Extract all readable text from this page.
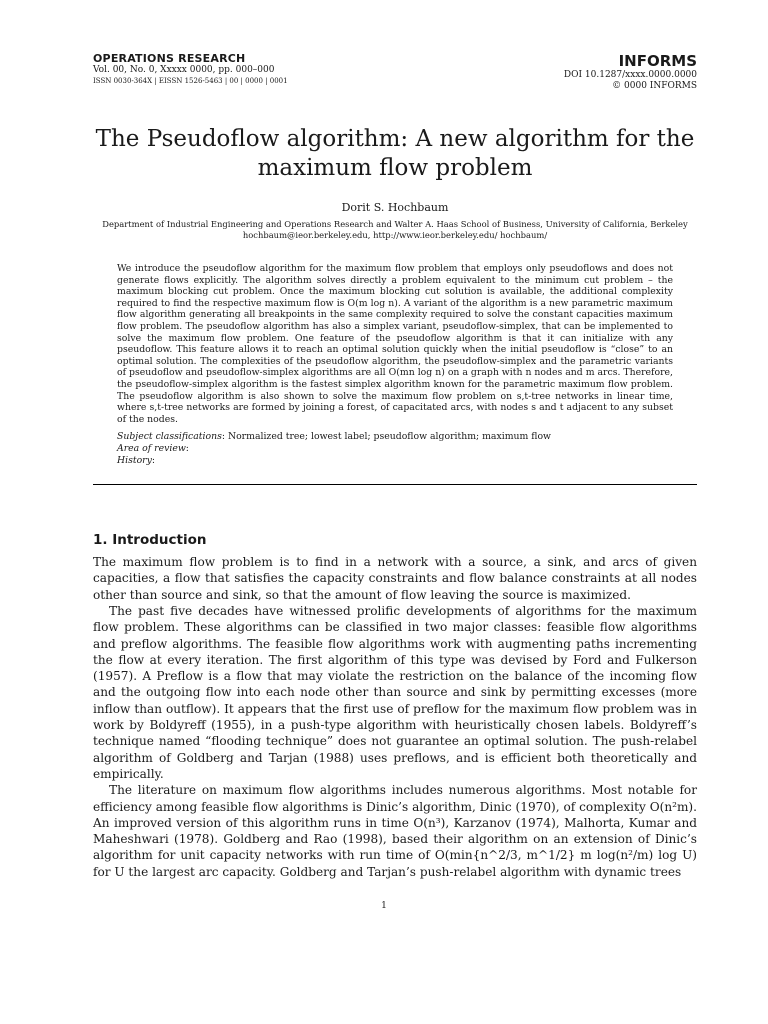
OPERATIONS RESEARCH
Vol. 00, No. 0, Xxxxx 0000, pp. 000–000
ISSN 0030-364X | EISSN 1526-5463 | 00 | 0000 | 0001
INFORMS
DOI 10.1287/xxxx.0000.0000
© 0000 INFORMS
The Pseudoflow algorithm: A new algorithm for the maximum flow problem
Dorit S. Hochbaum
Department of Industrial Engineering and Operations Research and Walter A. Haas School of Business, University of California, Berkeley hochbaum@ieor.berkeley.edu, http://www.ieor.berkeley.edu/ hochbaum/
We introduce the pseudoflow algorithm for the maximum flow problem that employs only pseudoflows and does not generate flows explicitly. The algorithm solves directly a problem equivalent to the minimum cut problem – the maximum blocking cut problem. Once the maximum blocking cut solution is available, the additional complexity required to find the respective maximum flow is O(m log n). A variant of the algorithm is a new parametric maximum flow algorithm generating all breakpoints in the same complexity required to solve the constant capacities maximum flow problem. The pseudoflow algorithm has also a simplex variant, pseudoflow-simplex, that can be implemented to solve the maximum flow problem. One feature of the pseudoflow algorithm is that it can initialize with any pseudoflow. This feature allows it to reach an optimal solution quickly when the initial pseudoflow is “close” to an optimal solution. The complexities of the pseudoflow algorithm, the pseudoflow-simplex and the parametric variants of pseudoflow and pseudoflow-simplex algorithms are all O(mn log n) on a graph with n nodes and m arcs. Therefore, the pseudoflow-simplex algorithm is the fastest simplex algorithm known for the parametric maximum flow problem. The pseudoflow algorithm is also shown to solve the maximum flow problem on s,t-tree networks in linear time, where s,t-tree networks are formed by joining a forest, of capacitated arcs, with nodes s and t adjacent to any subset of the nodes.
Subject classifications: Normalized tree; lowest label; pseudoflow algorithm; maximum flow
Area of review:
History:
1. Introduction

The maximum flow problem is to find in a network with a source, a sink, and arcs of given capacities, a flow that satisfies the capacity constraints and flow balance constraints at all nodes other than source and sink, so that the amount of flow leaving the source is maximized.

The past five decades have witnessed prolific developments of algorithms for the maximum flow problem. These algorithms can be classified in two major classes: feasible flow algorithms and preflow algorithms. The feasible flow algorithms work with augmenting paths incrementing the flow at every iteration. The first algorithm of this type was devised by Ford and Fulkerson (1957). A Preflow is a flow that may violate the restriction on the balance of the incoming flow and the outgoing flow into each node other than source and sink by permitting excesses (more inflow than outflow). It appears that the first use of preflow for the maximum flow problem was in work by Boldyreff (1955), in a push-type algorithm with heuristically chosen labels. Boldyreff’s technique named “flooding technique” does not guarantee an optimal solution. The push-relabel algorithm of Goldberg and Tarjan (1988) uses preflows, and is efficient both theoretically and empirically.

The literature on maximum flow algorithms includes numerous algorithms. Most notable for efficiency among feasible flow algorithms is Dinic’s algorithm, Dinic (1970), of complexity O(n²m). An improved version of this algorithm runs in time O(n³), Karzanov (1974), Malhorta, Kumar and Maheshwari (1978). Goldberg and Rao (1998), based their algorithm on an extension of Dinic’s algorithm for unit capacity networks with run time of O(min{n^2/3, m^1/2} m log(n²/m) log U) for U the largest arc capacity. Goldberg and Tarjan’s push-relabel algorithm with dynamic trees

1
